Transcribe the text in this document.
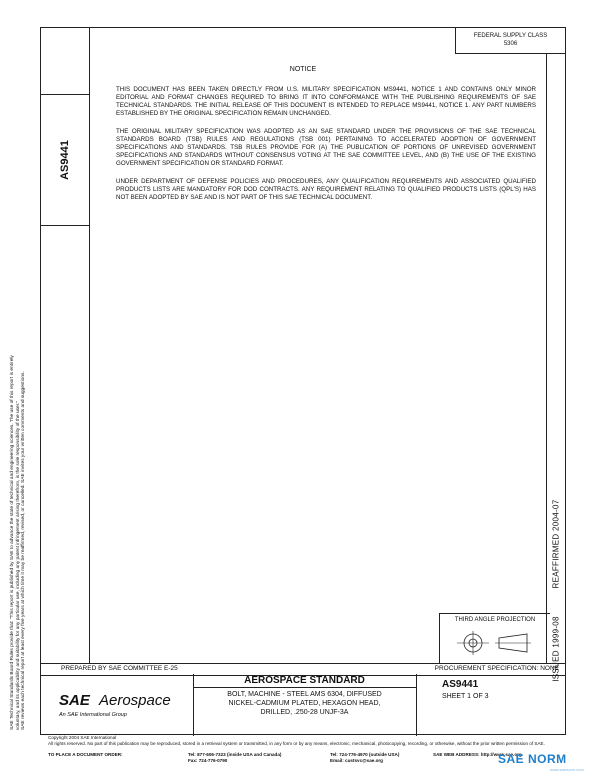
FEDERAL SUPPLY CLASS
5306
AS9441
REAFFIRMED 2004-07
ISSUED 1999-08
NOTICE

THIS DOCUMENT HAS BEEN TAKEN DIRECTLY FROM U.S. MILITARY SPECIFICATION MS9441, NOTICE 1 AND CONTAINS ONLY MINOR EDITORIAL AND FORMAT CHANGES REQUIRED TO BRING IT INTO CONFORMANCE WITH THE PUBLISHING REQUIREMENTS OF SAE TECHNICAL STANDARDS. THE INITIAL RELEASE OF THIS DOCUMENT IS INTENDED TO REPLACE MS9441, NOTICE 1. ANY PART NUMBERS ESTABLISHED BY THE ORIGINAL SPECIFICATION REMAIN UNCHANGED.

THE ORIGINAL MILITARY SPECIFICATION WAS ADOPTED AS AN SAE STANDARD UNDER THE PROVISIONS OF THE SAE TECHNICAL STANDARDS BOARD (TSB) RULES AND REGULATIONS (TSB 001) PERTAINING TO ACCELERATED ADOPTION OF GOVERNMENT SPECIFICATIONS AND STANDARDS. TSB RULES PROVIDE FOR (A) THE PUBLICATION OF PORTIONS OF UNREVISED GOVERNMENT SPECIFICATIONS AND STANDARDS WITHOUT CONSENSUS VOTING AT THE SAE COMMITTEE LEVEL, AND (B) THE USE OF THE EXISTING GOVERNMENT SPECIFICATION OR STANDARD FORMAT.

UNDER DEPARTMENT OF DEFENSE POLICIES AND PROCEDURES, ANY QUALIFICATION REQUIREMENTS AND ASSOCIATED QUALIFIED PRODUCTS LISTS ARE MANDATORY FOR DOD CONTRACTS. ANY REQUIREMENT RELATING TO QUALIFIED PRODUCTS LISTS (QPL'S) HAS NOT BEEN ADOPTED BY SAE AND IS NOT PART OF THIS SAE TECHNICAL DOCUMENT.

THIRD ANGLE PROJECTION
PREPARED BY SAE COMMITTEE E-25	PROCUREMENT SPECIFICATION: NONE
SAE Aerospace
An SAE International Group
AEROSPACE STANDARD
BOLT, MACHINE - STEEL AMS 6304, DIFFUSED
NICKEL-CADMIUM PLATED, HEXAGON HEAD,
DRILLED, .250-28 UNJF-3A
AS9441
SHEET 1 OF 3
SAE Technical Standards Board Rules provide that: "This report is published by SAE to advance the state of technical and engineering sciences. The use of this report is entirely voluntary, and its applicability and suitability for any particular use, including any patent infringement arising therefrom, is the sole responsibility of the user." SAE reviews each technical report at least every five years at which time it may be reaffirmed, revised, or cancelled. SAE invites your written comments and suggestions.
Copyright 2004 SAE International
All rights reserved. No part of this publication may be reproduced, stored in a retrieval system or transmitted, in any form or by any means, electronic, mechanical, photocopying, recording, or otherwise, without the prior written permission of SAE.
TO PLACE A DOCUMENT ORDER:	Tel: 877-606-7323 (inside USA and Canada)
Fax: 724-776-0790
Tel: 724-776-4970 (outside USA)
Email: custsvc@sae.org
SAE WEB ADDRESS: http://www.sae.org
SAE NORM
www.saenorm.com
